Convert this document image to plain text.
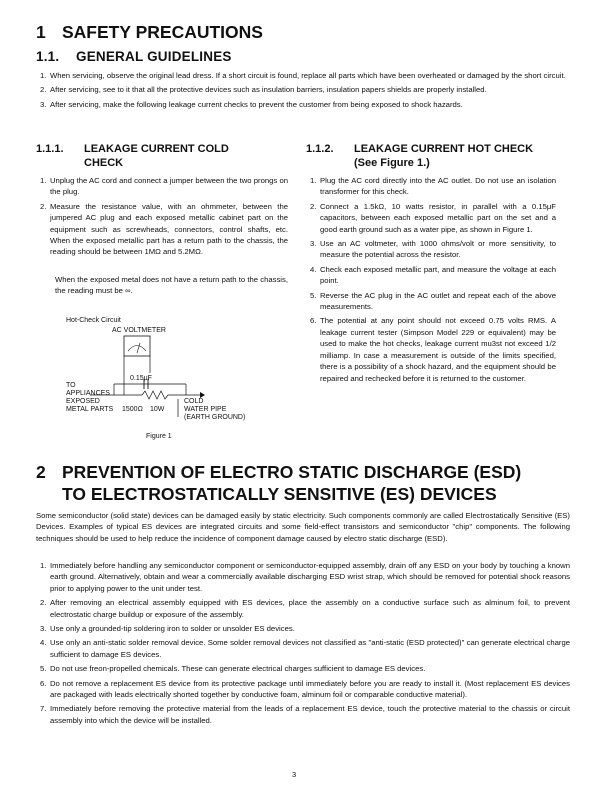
1 SAFETY PRECAUTIONS
1.1. GENERAL GUIDELINES
1. When servicing, observe the original lead dress. If a short circuit is found, replace all parts which have been overheated or damaged by the short circuit.
2. After servicing, see to it that all the protective devices such as insulation barriers, insulation papers shields are properly installed.
3. After servicing, make the following leakage current checks to prevent the customer from being exposed to shock hazards.
1.1.1. LEAKAGE CURRENT COLD
CHECK
1. Unplug the AC cord and connect a jumper between the two prongs on the plug.
2. Measure the resistance value, with an ohmmeter, between the jumpered AC plug and each exposed metallic cabinet part on the equipment such as screwheads, connectors, control shafts, etc. When the exposed metallic part has a return path to the chassis, the reading should be between 1MΩ and 5.2MΩ.

When the exposed metal does not have a return path to the chassis, the reading must be ∞.

Hot-Check Circuit
AC VOLTMETER
0.15μF
TO
APPLIANCES
EXPOSED
METAL PARTS 1500Ω 10W
COLD
WATER PIPE
(EARTH GROUND)
Figure 1
1.1.2. LEAKAGE CURRENT HOT CHECK
(See Figure 1.)
1. Plug the AC cord directly into the AC outlet. Do not use an isolation transformer for this check.
2. Connect a 1.5kΩ, 10 watts resistor, in parallel with a 0.15μF capacitors, between each exposed metallic part on the set and a good earth ground such as a water pipe, as shown in Figure 1.
3. Use an AC voltmeter, with 1000 ohms/volt or more sensitivity, to measure the potential across the resistor.
4. Check each exposed metallic part, and measure the voltage at each point.
5. Reverse the AC plug in the AC outlet and repeat each of the above measurements.
6. The potential at any point should not exceed 0.75 volts RMS. A leakage current tester (Simpson Model 229 or equivalent) may be used to make the hot checks, leakage current mu3st not exceed 1/2 milliamp. In case a measurement is outside of the limits specified, there is a possibility of a shock hazard, and the equipment should be repaired and rechecked before it is returned to the customer.
2 PREVENTION OF ELECTRO STATIC DISCHARGE (ESD)
TO ELECTROSTATICALLY SENSITIVE (ES) DEVICES

Some semiconductor (solid state) devices can be damaged easily by static electricity. Such components commonly are called Electrostatically Sensitive (ES) Devices. Examples of typical ES devices are integrated circuits and some field-effect transistors and semiconductor "chip" components. The following techniques should be used to help reduce the incidence of component damage caused by electro static discharge (ESD).

1. Immediately before handling any semiconductor component or semiconductor-equipped assembly, drain off any ESD on your body by touching a known earth ground. Alternatively, obtain and wear a commercially available discharging ESD wrist strap, which should be removed for potential shock reasons prior to applying power to the unit under test.
2. After removing an electrical assembly equipped with ES devices, place the assembly on a conductive surface such as alminum foil, to prevent electrostatic charge buildup or exposure of the assembly.
3. Use only a grounded-tip soldering iron to solder or unsolder ES devices.
4. Use only an anti-static solder removal device. Some solder removal devices not classified as "anti-static (ESD protected)" can generate electrical charge sufficient to damage ES devices.
5. Do not use freon-propelled chemicals. These can generate electrical charges sufficient to damage ES devices.
6. Do not remove a replacement ES device from its protective package until immediately before you are ready to install it. (Most replacement ES devices are packaged with leads electrically shorted together by conductive foam, alminum foil or comparable conductive material).
7. Immediately before removing the protective material from the leads of a replacement ES device, touch the protective material to the chassis or circuit assembly into which the device will be installed.
3
